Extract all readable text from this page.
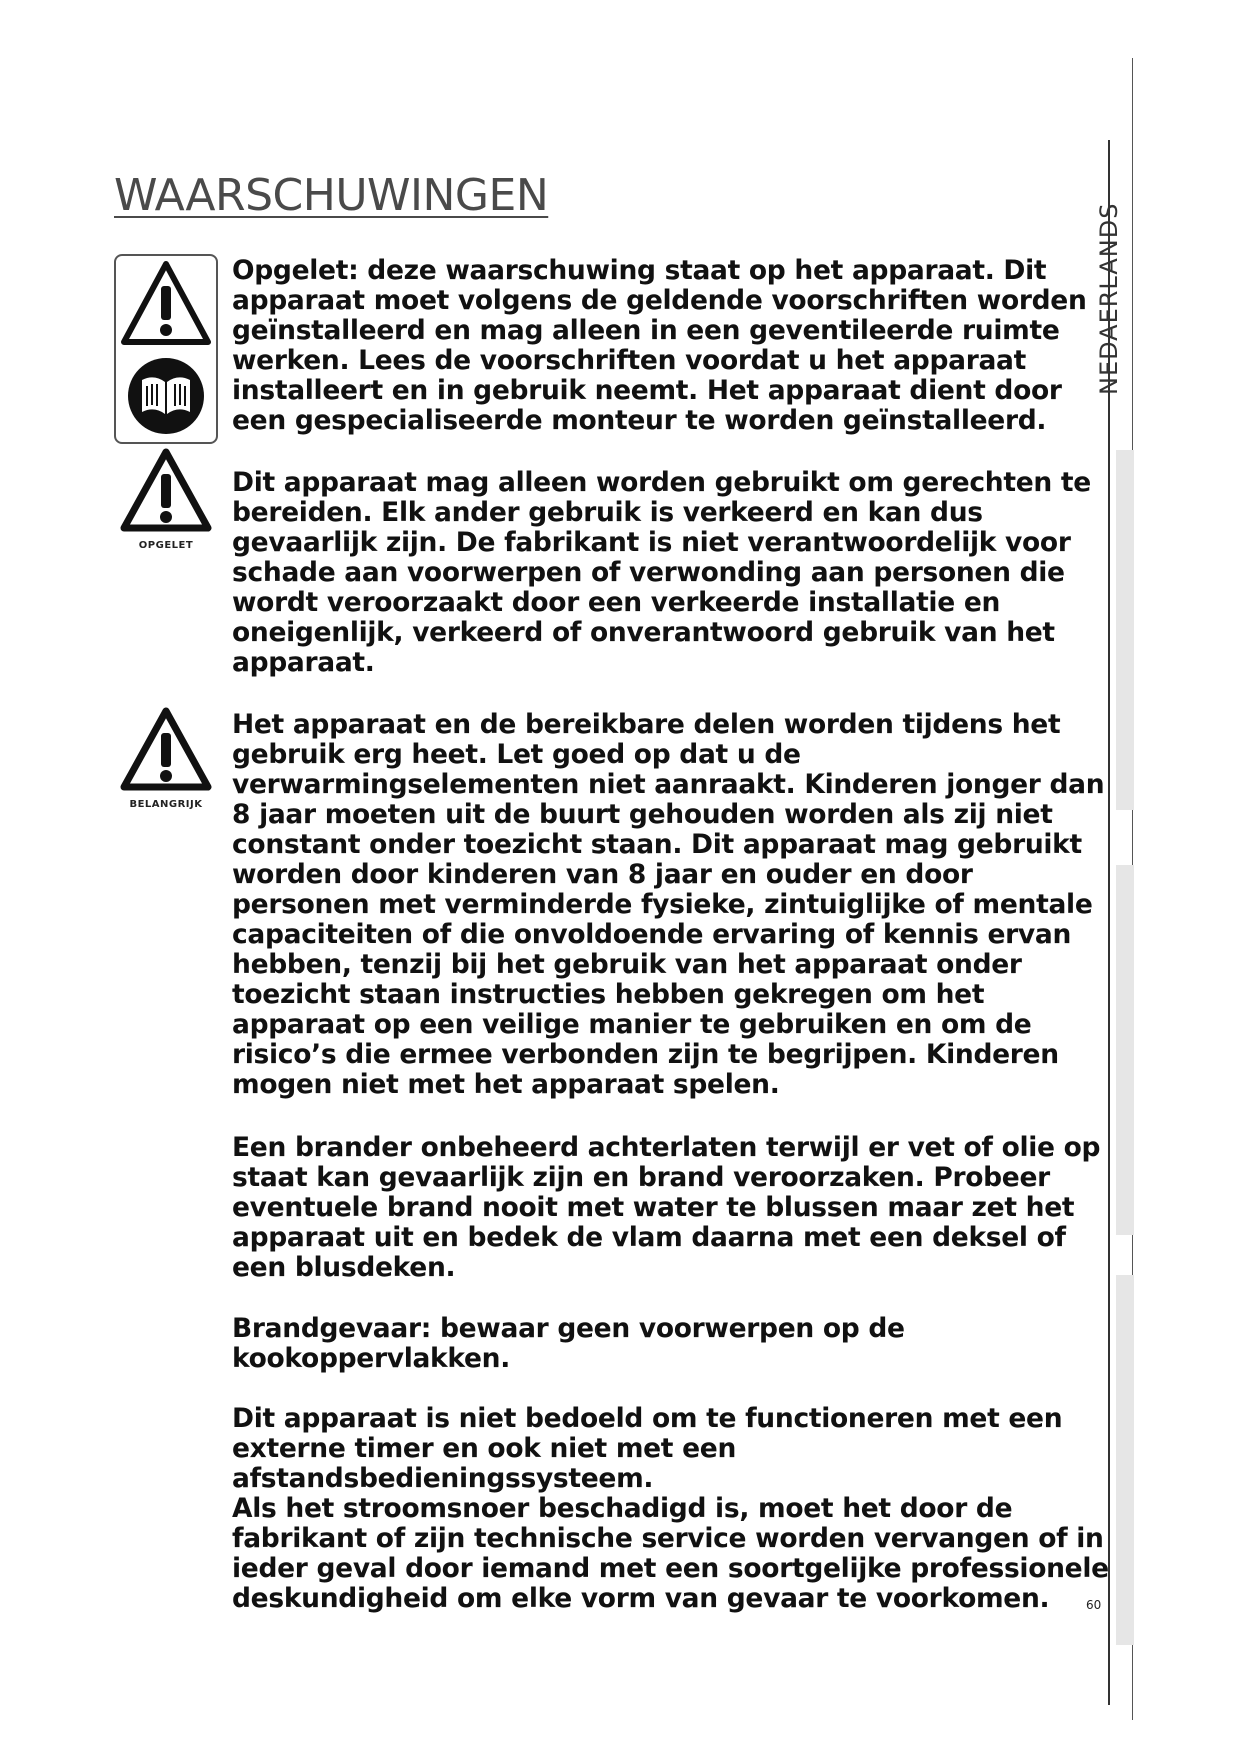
WAARSCHUWINGEN
NEDAERLANDS
OPGELET
BELANGRIJK

Opgelet: deze waarschuwing staat op het apparaat. Dit apparaat moet volgens de geldende voorschriften worden geïnstalleerd en mag alleen in een geventileerde ruimte werken. Lees de voorschriften voordat u het apparaat installeert en in gebruik neemt. Het apparaat dient door een gespecialiseerde monteur te worden geïnstalleerd.

Dit apparaat mag alleen worden gebruikt om gerechten te bereiden. Elk ander gebruik is verkeerd en kan dus gevaarlijk zijn. De fabrikant is niet verantwoordelijk voor schade aan voorwerpen of verwonding aan personen die wordt veroorzaakt door een verkeerde installatie en oneigenlijk, verkeerd of onverantwoord gebruik van het apparaat.

Het apparaat en de bereikbare delen worden tijdens het gebruik erg heet. Let goed op dat u de verwarmingselementen niet aanraakt. Kinderen jonger dan 8 jaar moeten uit de buurt gehouden worden als zij niet constant onder toezicht staan. Dit apparaat mag gebruikt worden door kinderen van 8 jaar en ouder en door personen met verminderde fysieke, zintuiglijke of mentale capaciteiten of die onvoldoende ervaring of kennis ervan hebben, tenzij bij het gebruik van het apparaat onder toezicht staan instructies hebben gekregen om het apparaat op een veilige manier te gebruiken en om de risico’s die ermee verbonden zijn te begrijpen. Kinderen mogen niet met het apparaat spelen.

Een brander onbeheerd achterlaten terwijl er vet of olie op staat kan gevaarlijk zijn en brand veroorzaken. Probeer eventuele brand nooit met water te blussen maar zet het apparaat uit en bedek de vlam daarna met een deksel of een blusdeken.

Brandgevaar: bewaar geen voorwerpen op de kookoppervlakken.

Dit apparaat is niet bedoeld om te functioneren met een externe timer en ook niet met een afstandsbedieningssysteem.

Als het stroomsnoer beschadigd is, moet het door de fabrikant of zijn technische service worden vervangen of in ieder geval door iemand met een soortgelijke professionele deskundigheid om elke vorm van gevaar te voorkomen.	60
